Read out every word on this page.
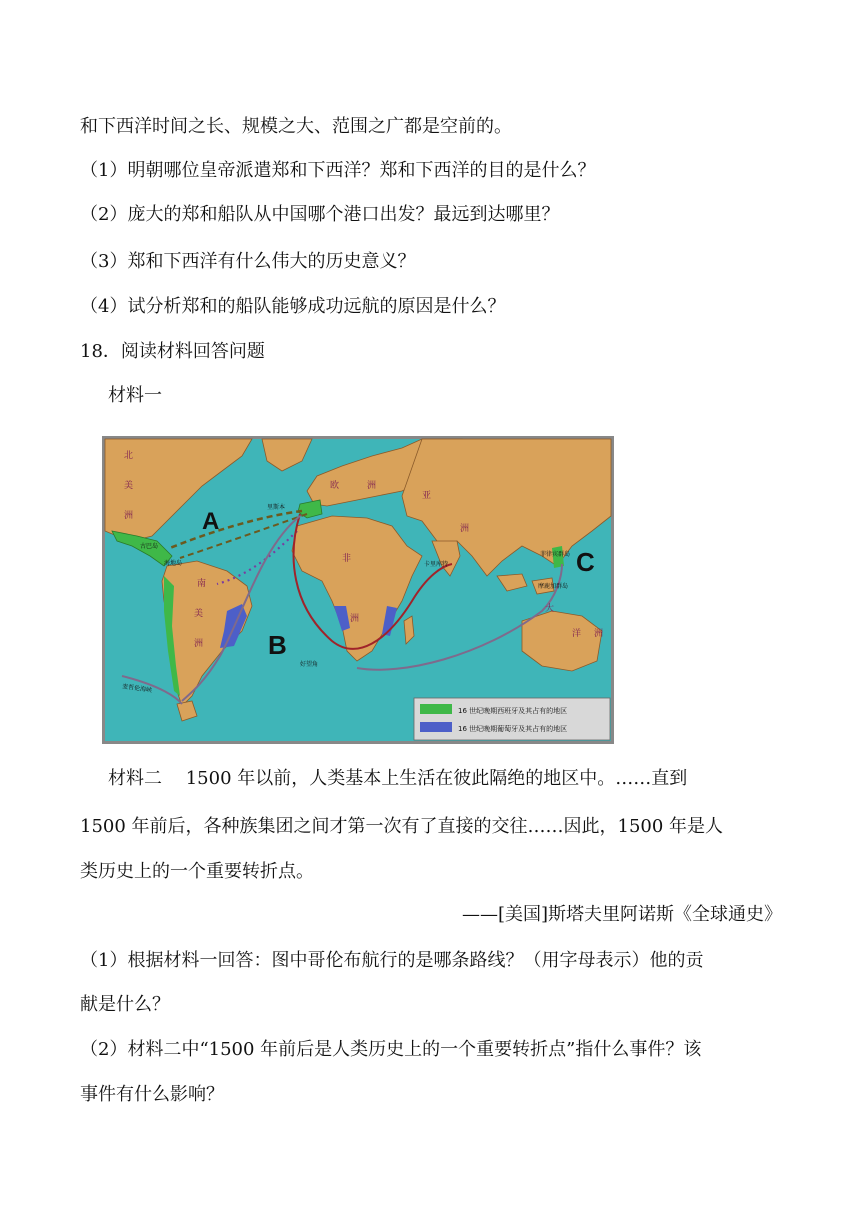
和下西洋时间之长、规模之大、范围之广都是空前的。
（1）明朝哪位皇帝派遣郑和下西洋？郑和下西洋的目的是什么？
（2）庞大的郑和船队从中国哪个港口出发？最远到达哪里？
（3）郑和下西洋有什么伟大的历史意义？
（4）试分析郑和的船队能够成功远航的原因是什么？
18．阅读材料回答问题
材料一
A
B
C
北
美
洲
南
美
洲
欧	洲
亚
洲
非
洲
大
洋 洲
里斯本
古巴岛
海地岛	卡里库特
菲律宾群岛
摩鹿加群岛
好望角
麦哲伦海峡
16 世纪晚期西班牙及其占有的地区
16 世纪晚期葡萄牙及其占有的地区
材料二　 1500 年以前，人类基本上生活在彼此隔绝的地区中。……直到
1500 年前后，各种族集团之间才第一次有了直接的交往……因此，1500 年是人
类历史上的一个重要转折点。
——[美国]斯塔夫里阿诺斯《全球通史》
（1）根据材料一回答：图中哥伦布航行的是哪条路线？（用字母表示）他的贡
献是什么？
（2）材料二中“1500 年前后是人类历史上的一个重要转折点”指什么事件？该
事件有什么影响？
